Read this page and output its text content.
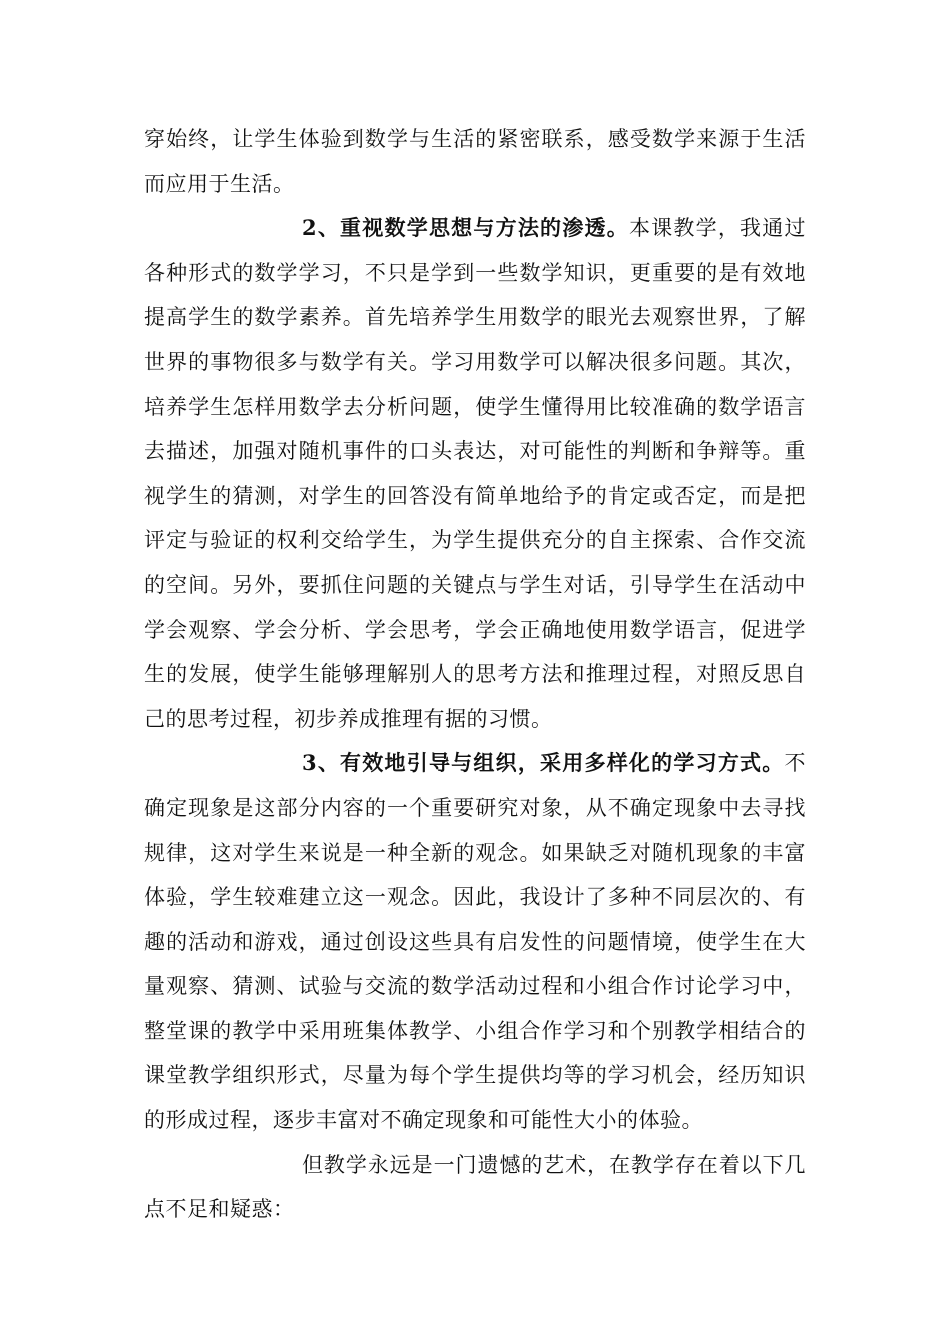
穿始终，让学生体验到数学与生活的紧密联系，感受数学来源于生活而应用于生活。

2、重视数学思想与方法的渗透。本课教学，我通过各种形式的数学学习，不只是学到一些数学知识，更重要的是有效地提高学生的数学素养。首先培养学生用数学的眼光去观察世界，了解世界的事物很多与数学有关。学习用数学可以解决很多问题。其次，培养学生怎样用数学去分析问题，使学生懂得用比较准确的数学语言去描述，加强对随机事件的口头表达，对可能性的判断和争辩等。重视学生的猜测，对学生的回答没有简单地给予的肯定或否定，而是把评定与验证的权利交给学生，为学生提供充分的自主探索、合作交流的空间。另外，要抓住问题的关键点与学生对话，引导学生在活动中学会观察、学会分析、学会思考，学会正确地使用数学语言，促进学生的发展，使学生能够理解别人的思考方法和推理过程，对照反思自己的思考过程，初步养成推理有据的习惯。

3、有效地引导与组织，采用多样化的学习方式。不确定现象是这部分内容的一个重要研究对象，从不确定现象中去寻找规律，这对学生来说是一种全新的观念。如果缺乏对随机现象的丰富体验，学生较难建立这一观念。因此，我设计了多种不同层次的、有趣的活动和游戏，通过创设这些具有启发性的问题情境，使学生在大量观察、猜测、试验与交流的数学活动过程和小组合作讨论学习中，整堂课的教学中采用班集体教学、小组合作学习和个别教学相结合的课堂教学组织形式，尽量为每个学生提供均等的学习机会，经历知识的形成过程，逐步丰富对不确定现象和可能性大小的体验。

但教学永远是一门遗憾的艺术，在教学存在着以下几点不足和疑惑：
